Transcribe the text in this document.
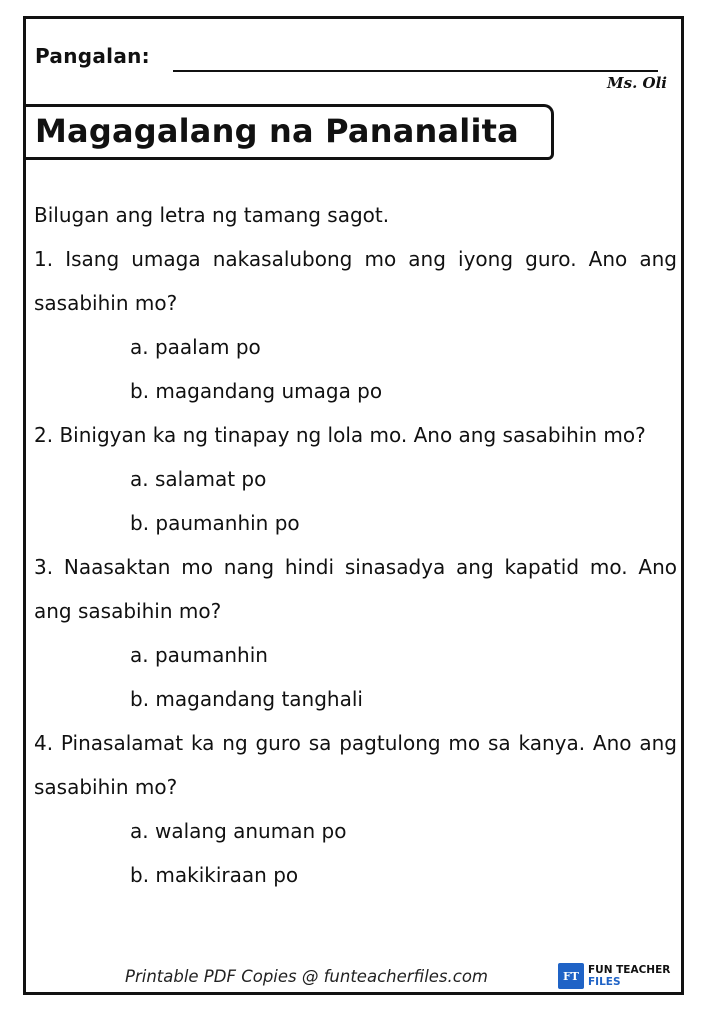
Pangalan:
Ms. Oli
Magagalang na Pananalita

Bilugan ang letra ng tamang sagot.

1. Isang umaga nakasalubong mo ang iyong guro. Ano ang sasabihin mo?

a. paalam po

b. magandang umaga po

2. Binigyan ka ng tinapay ng lola mo. Ano ang sasabihin mo?

a. salamat po

b. paumanhin po

3. Naasaktan mo nang hindi sinasadya ang kapatid mo. Ano ang sasabihin mo?

a. paumanhin

b. magandang tanghali

4. Pinasalamat ka ng guro sa pagtulong mo sa kanya. Ano ang sasabihin mo?

a. walang anuman po

b. makikiraan po

Printable PDF Copies @ funteacherfiles.com	FT FUN TEACHER
FILES
